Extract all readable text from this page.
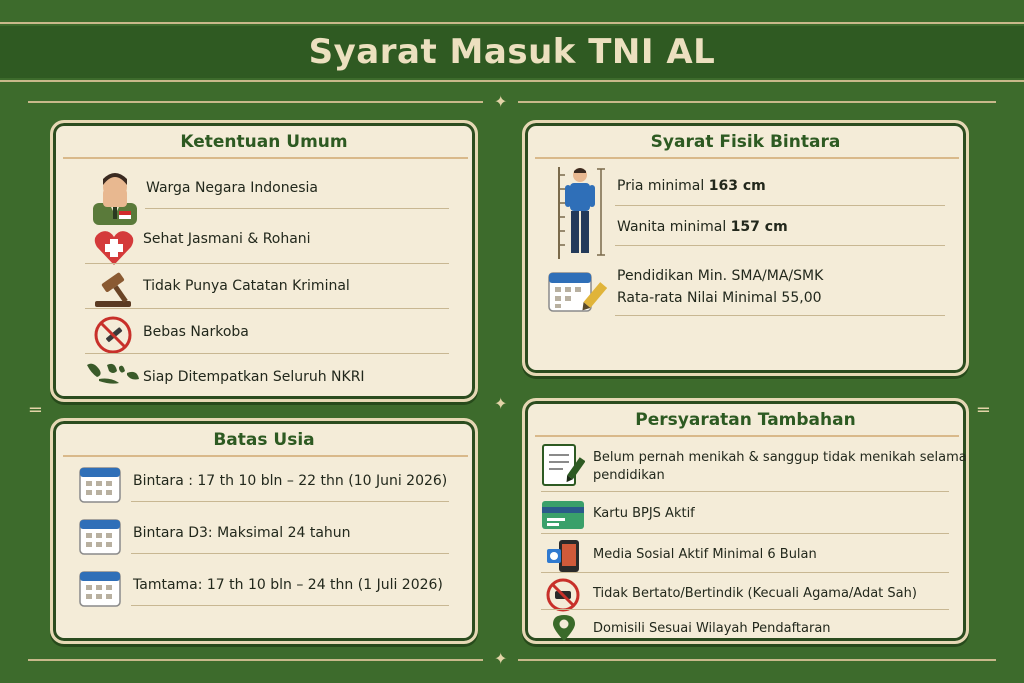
Syarat Masuk TNI AL
✦
═	✦	═
✦
Ketentuan Umum
Warga Negara Indonesia
Sehat Jasmani & Rohani
Tidak Punya Catatan Kriminal
Bebas Narkoba
Siap Ditempatkan Seluruh NKRI
Syarat Fisik Bintara
Pria minimal 163 cm
Wanita minimal 157 cm
Pendidikan Min. SMA/MA/SMK
Rata-rata Nilai Minimal 55,00
Batas Usia
Bintara : 17 th 10 bln – 22 thn (10 Juni 2026)
Bintara D3: Maksimal 24 tahun
Tamtama: 17 th 10 bln – 24 thn (1 Juli 2026)
Persyaratan Tambahan
Belum pernah menikah & sanggup tidak menikah selama
pendidikan
Kartu BPJS Aktif
Media Sosial Aktif Minimal 6 Bulan
Tidak Bertato/Bertindik (Kecuali Agama/Adat Sah)
Domisili Sesuai Wilayah Pendaftaran
